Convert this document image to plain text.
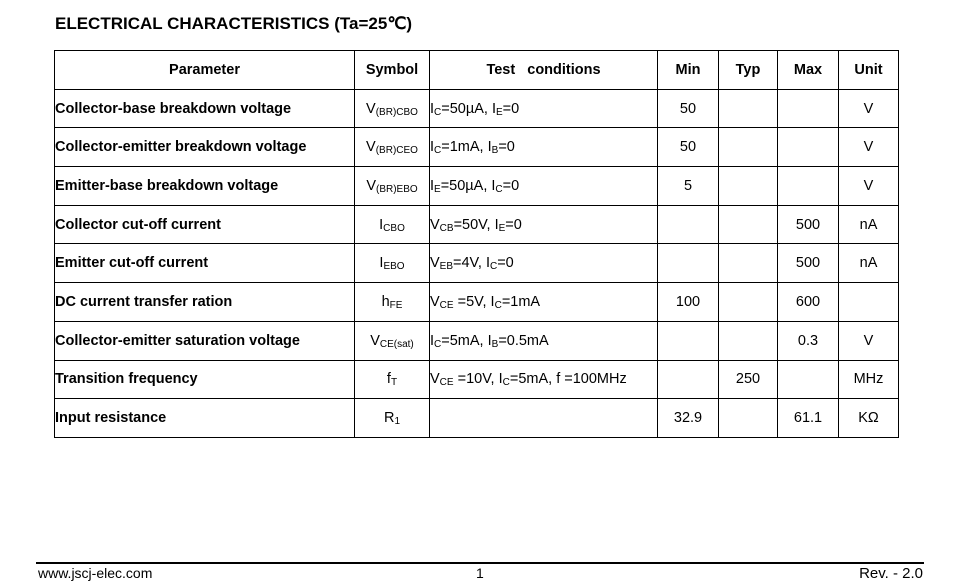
ELECTRICAL CHARACTERISTICS (Ta=25℃)
Parameter	Symbol	Test   conditions	Min	Typ	Max	Unit
Collector-base breakdown voltage	$V_{(BR)CBO}$	$I_C=50\mu A$, $I_E=0$	50			V
Collector-emitter breakdown voltage	$V_{(BR)CEO}$	$I_C=1mA$, $I_B=0$	50			V
Emitter-base breakdown voltage	$V_{(BR)EBO}$	$I_E=50\mu A$, $I_C=0$	5			V
Collector cut-off current	$I_{CBO}$	$V_{CB}=50V$, $I_E=0$			500	nA
Emitter cut-off current	$I_{EBO}$	$V_{EB}=4V$, $I_C=0$			500	nA
DC current transfer ration	$h_{FE}$	$V_{CE} =5V$, $I_C=1mA$	100		600	
Collector-emitter saturation voltage	$V_{CE(sat)}$	$I_C=5mA$, $I_B=0.5mA$			0.3	V
Transition frequency	$f_T$	$V_{CE} =10V$, $I_C=5mA$, f =100MHz		250		MHz
Input resistance	$R_1$		32.9		61.1	KΩ
www.jscj-elec.com	1	Rev. - 2.0
